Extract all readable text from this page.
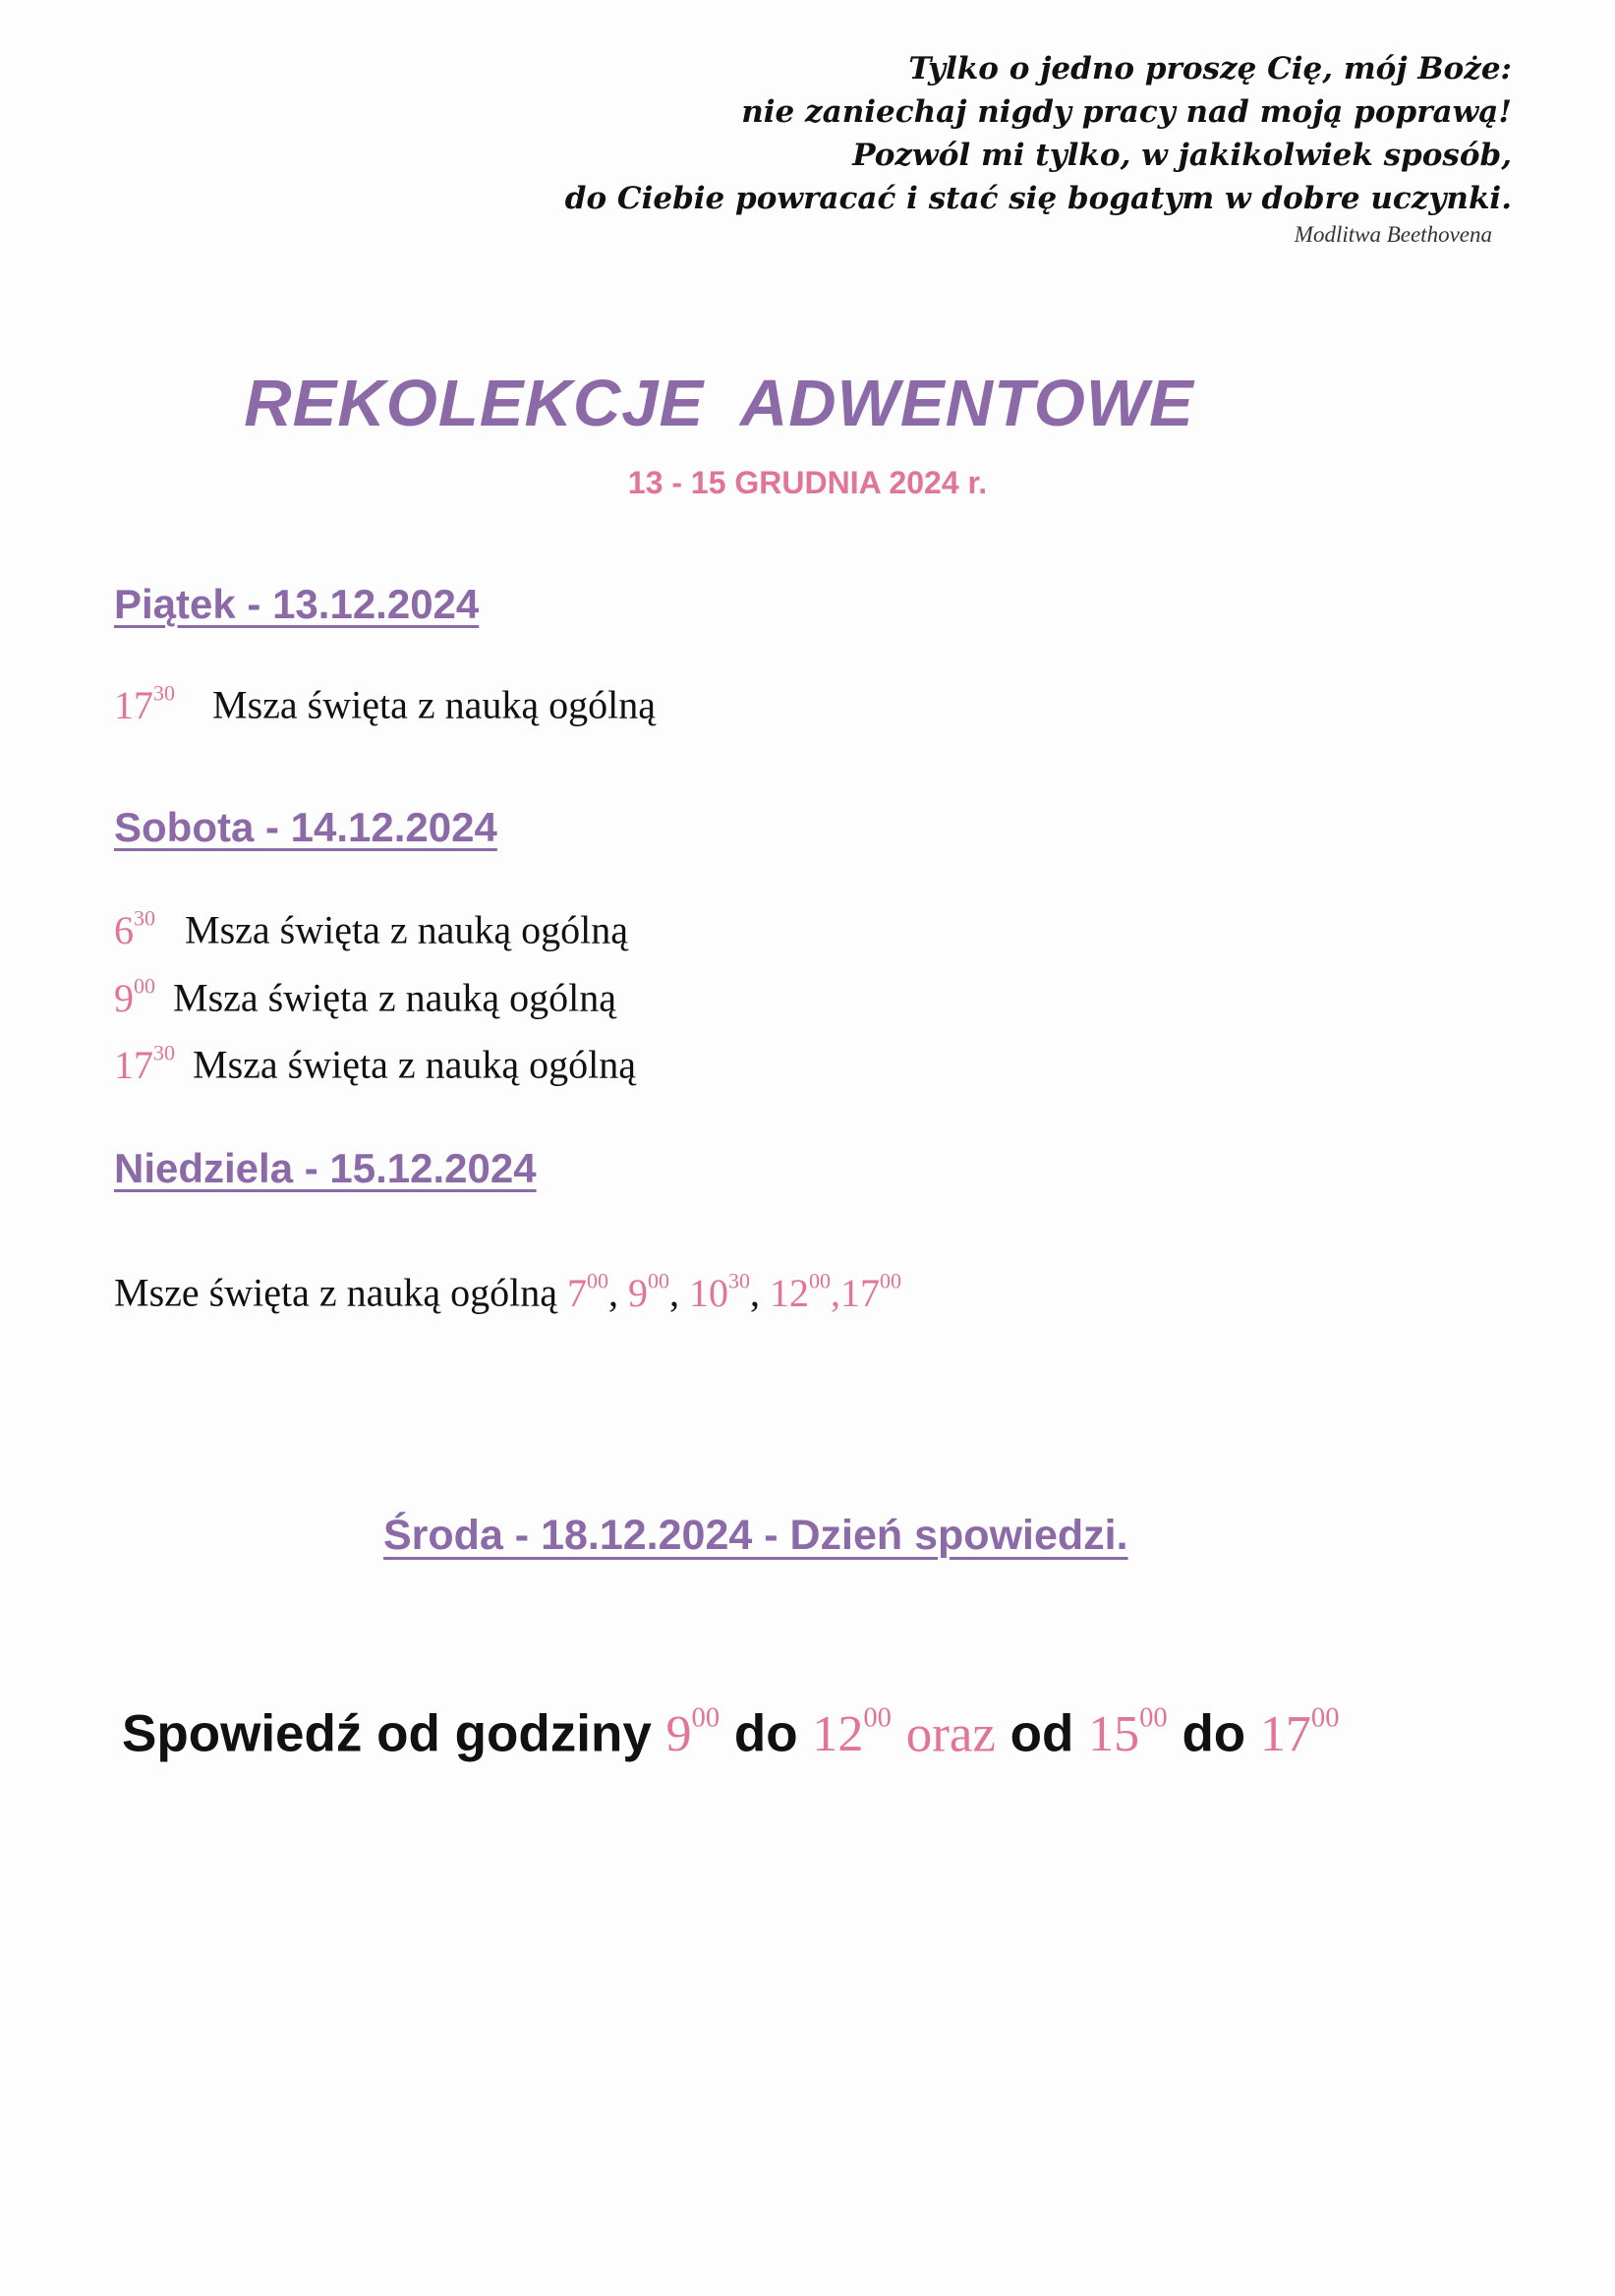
Tylko o jedno proszę Cię, mój Boże:
nie zaniechaj nigdy pracy nad moją poprawą!
Pozwól mi tylko, w jakikolwiek sposób,
do Ciebie powracać i stać się bogatym w dobre uczynki.
Modlitwa Beethovena
REKOLEKCJE  ADWENTOWE
13 - 15 GRUDNIA 2024 r.
Piątek - 13.12.2024
$17^{30}$ Msza święta z nauką ogólną
Sobota - 14.12.2024
$6^{30}$ Msza święta z nauką ogólną
$9^{00}$ Msza święta z nauką ogólną
$17^{30}$ Msza święta z nauką ogólną
Niedziela - 15.12.2024
Msze święta z nauką ogólną $7^{00}$, $9^{00}$, $10^{30}$, $12^{00},17^{00}$
Środa - 18.12.2024 - Dzień spowiedzi.
Spowiedź od godziny $9^{00}$ do $12^{00}$ oraz od $15^{00}$ do $17^{00}$
